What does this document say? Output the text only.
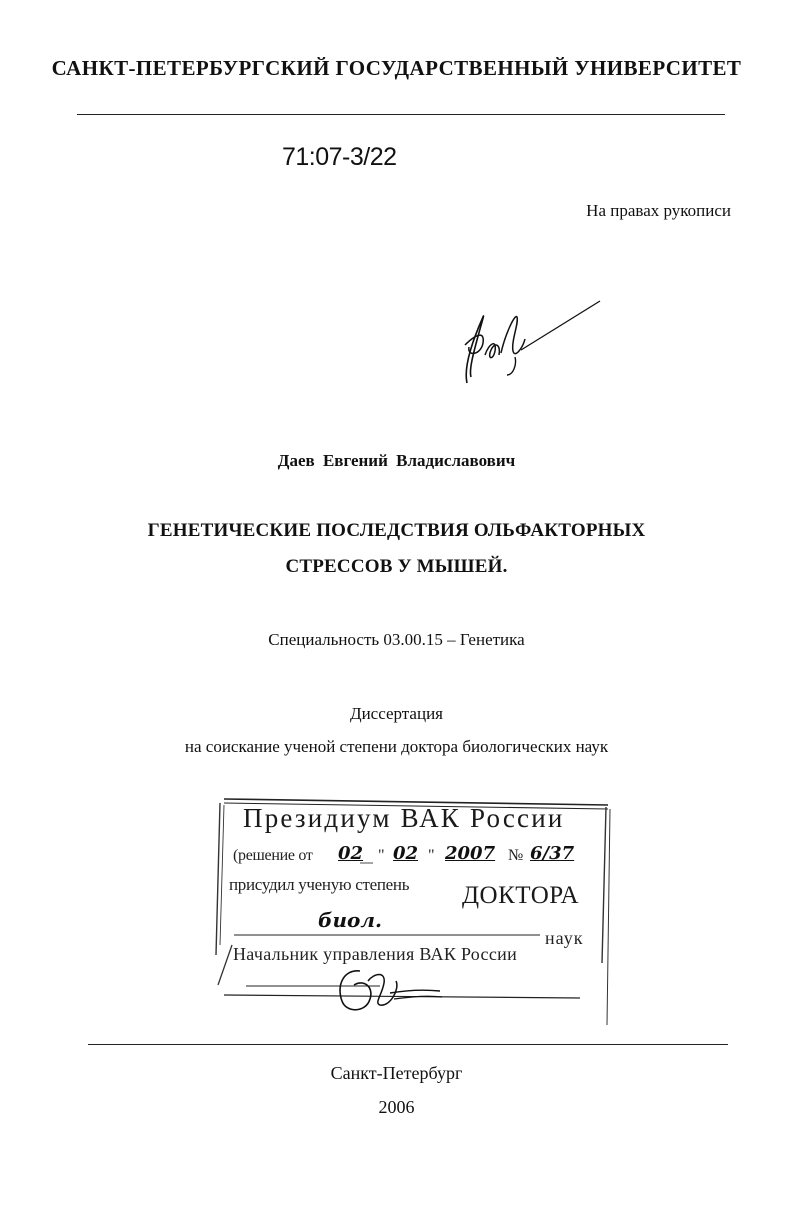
САНКТ-ПЕТЕРБУРГСКИЙ ГОСУДАРСТВЕННЫЙ УНИВЕРСИТЕТ
71:07-3/22
На правах рукописи
Даев Евгений Владиславович
ГЕНЕТИЧЕСКИЕ ПОСЛЕДСТВИЯ ОЛЬФАКТОРНЫХ
СТРЕССОВ У МЫШЕЙ.
Специальность 03.00.15 – Генетика
Диссертация
на соискание ученой степени доктора биологических наук
Президиум ВАК России
(решение от	"
02	"
02 2007 № 6/37
присудил ученую степень ДОКТОРА
биол.
наук
Начальник управления ВАК России
Санкт-Петербург
2006
